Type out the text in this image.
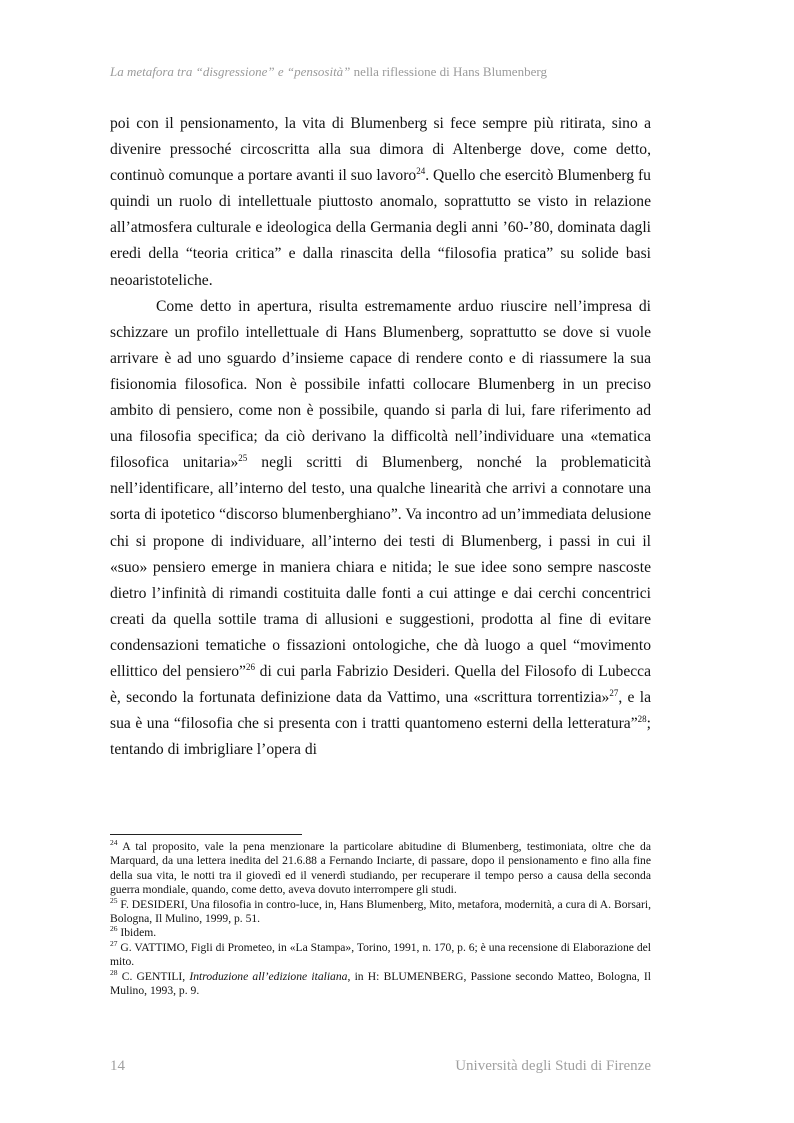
La metafora tra “disgressione” e “pensosità” nella riflessione di Hans Blumenberg

poi con il pensionamento, la vita di Blumenberg si fece sempre più ritirata, sino a divenire pressoché circoscritta alla sua dimora di Altenberge dove, come detto, continuò comunque a portare avanti il suo lavoro$^{24}$. Quello che esercitò Blumenberg fu quindi un ruolo di intellettuale piuttosto anomalo, soprattutto se visto in relazione all’atmosfera culturale e ideologica della Germania degli anni ’60-’80, dominata dagli eredi della “teoria critica” e dalla rinascita della “filosofia pratica” su solide basi neoaristoteliche.

Come detto in apertura, risulta estremamente arduo riuscire nell’impresa di schizzare un profilo intellettuale di Hans Blumenberg, soprattutto se dove si vuole arrivare è ad uno sguardo d’insieme capace di rendere conto e di riassumere la sua fisionomia filosofica. Non è possibile infatti collocare Blumenberg in un preciso ambito di pensiero, come non è possibile, quando si parla di lui, fare riferimento ad una filosofia specifica; da ciò derivano la difficoltà nell’individuare una «tematica filosofica unitaria»$^{25}$ negli scritti di Blumenberg, nonché la problematicità nell’identificare, all’interno del testo, una qualche linearità che arrivi a connotare una sorta di ipotetico “discorso blumenberghiano”. Va incontro ad un’immediata delusione chi si propone di individuare, all’interno dei testi di Blumenberg, i passi in cui il «suo» pensiero emerge in maniera chiara e nitida; le sue idee sono sempre nascoste dietro l’infinità di rimandi costituita dalle fonti a cui attinge e dai cerchi concentrici creati da quella sottile trama di allusioni e suggestioni, prodotta al fine di evitare condensazioni tematiche o fissazioni ontologiche, che dà luogo a quel “movimento ellittico del pensiero”$^{26}$ di cui parla Fabrizio Desideri. Quella del Filosofo di Lubecca è, secondo la fortunata definizione data da Vattimo, una «scrittura torrentizia»$^{27}$, e la sua è una “filosofia che si presenta con i tratti quantomeno esterni della letteratura”$^{28}$; tentando di imbrigliare l’opera di

$^{24}$ A tal proposito, vale la pena menzionare la particolare abitudine di Blumenberg, testimoniata, oltre che da Marquard, da una lettera inedita del 21.6.88 a Fernando Inciarte, di passare, dopo il pensionamento e fino alla fine della sua vita, le notti tra il giovedì ed il venerdì studiando, per recuperare il tempo perso a causa della seconda guerra mondiale, quando, come detto, aveva dovuto interrompere gli studi.

$^{25}$ F. DESIDERI, Una filosofia in contro-luce, in, Hans Blumenberg, Mito, metafora, modernità, a cura di A. Borsari, Bologna, Il Mulino, 1999, p. 51.

$^{26}$ Ibidem.

$^{27}$ G. VATTIMO, Figli di Prometeo, in «La Stampa», Torino, 1991, n. 170, p. 6; è una recensione di Elaborazione del mito.

$^{28}$ C. GENTILI, Introduzione all’edizione italiana, in H: BLUMENBERG, Passione secondo Matteo, Bologna, Il Mulino, 1993, p. 9.

14	Università degli Studi di Firenze
